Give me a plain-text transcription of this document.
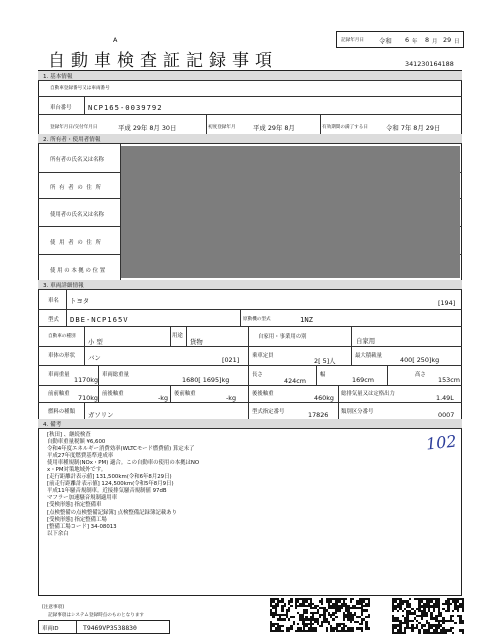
A	記録年月日 令和 6 年 8 月 29 日
自動車検査証記録事項	341230164188
1. 基本情報
自動車登録番号又は車両番号
車台番号 NCP165-0039792
登録年月日/交付年月日	平成 29年 8月 30日	初度登録年月	平成 29年 8月	有効期間の満了する日	令和 7年 8月 29日
2. 所有者・使用者情報
所有者の氏名又は名称
所 有 者 の 住 所
使用者の氏名又は名称
使 用 者 の 住 所
使 用 の 本 拠 の 位 置
3. 車両詳細情報
車名 トヨタ	[194]
型式 DBE-NCP165V	原動機の型式	1NZ
自動車の種別
小 型
用途
貨物
自家用・事業用の別	自家用
車体の形状 バン	[021] 乗車定員
2[ 5]人
最大積載量	400[ 250]kg
車両重量
1170kg
車両総重量
1680[ 1695]kg
長さ
424cm
幅
169cm
高さ
153cm
前前軸重 710kg 前後軸重	-kg 後前軸重	-kg	後後軸重	460kg 総排気量又は定格出力	1.49L
燃料の種類 ガソリン	型式指定番号	17826 類別区分番号	0007
4. 備考
[秋田] 、継続検査
自動車重量税額 ¥6,600
令和4年度エネルギー消費効率(WLTCモード燃費値) 算定未了
平成27年度燃費基準達成率
使用車種規制(NOx・PM) 適合。この自動車の使用の本拠はNO
x・PM対策地域外です。
[走行距離計表示値] 131,500km(令和6年8月29日)
[前走行距離計表示値] 124,500km(令和5年8月9日)
平成11年騒音規制車。近接排気騒音規制値 97dB
マフラー加速騒音規制適用車
[受検形態] 指定整備車
[点検整備の点検整備記録簿] 点検整備記録簿記載あり
[受検形態] 指定整備工場
[整備工場コード] 34-08013
以下余白
102
[注意事項]
記録事項はシステム登録時点のものとなります
車両ID	T9469VP3538830
